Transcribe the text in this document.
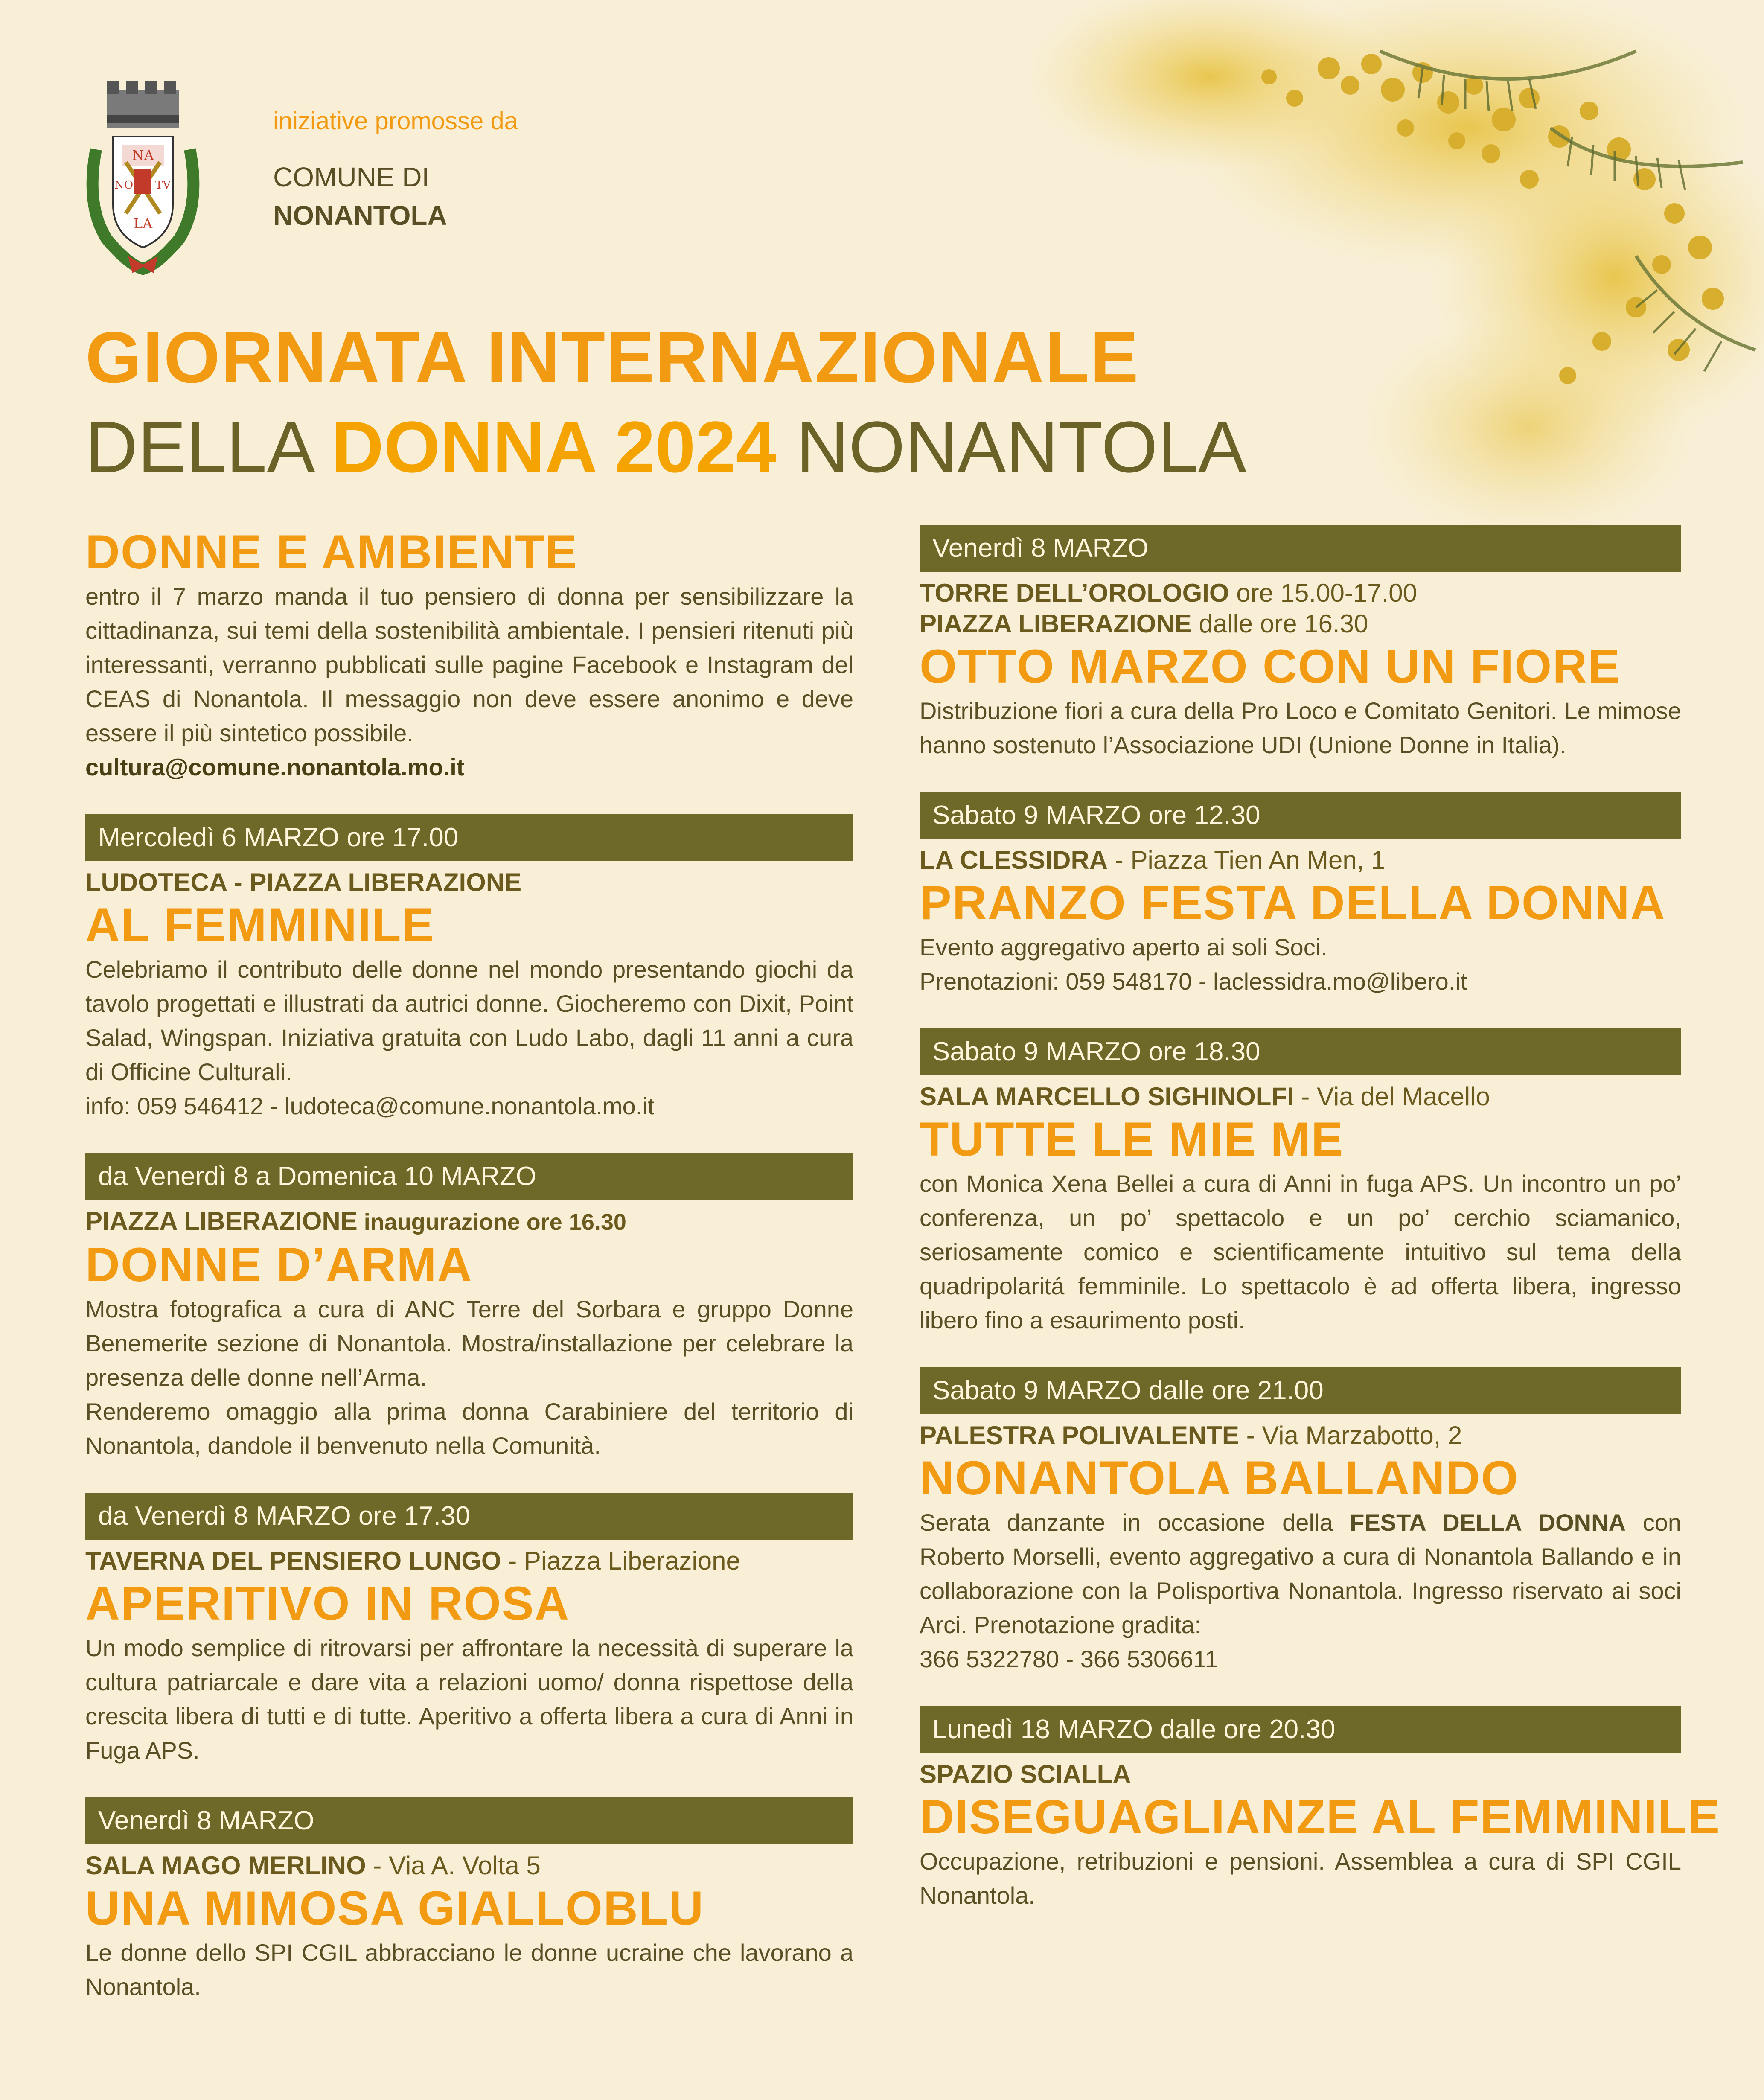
NA
NO TV
LA
iniziative promosse da
COMUNE DI
NONANTOLA
GIORNATA INTERNAZIONALE
DELLA DONNA 2024 NONANTOLA
DONNE E AMBIENTE
entro il 7 marzo manda il tuo pensiero di donna per sensibilizzare la cittadinanza, sui temi della sostenibilità ambientale. I pensieri ritenuti più interessanti, verranno pubblicati sulle pagine Facebook e Instagram del CEAS di Nonantola. Il messaggio non deve essere anonimo e deve essere il più sintetico possibile.
cultura@comune.nonantola.mo.it
Mercoledì 6 MARZO ore 17.00
LUDOTECA - PIAZZA LIBERAZIONE
AL FEMMINILE
Celebriamo il contributo delle donne nel mondo presentando giochi da tavolo progettati e illustrati da autrici donne. Giocheremo con Dixit, Point Salad, Wingspan. Iniziativa gratuita con Ludo Labo, dagli 11 anni a cura di Officine Culturali.
info: 059 546412 - ludoteca@comune.nonantola.mo.it
da Venerdì 8 a Domenica 10 MARZO
PIAZZA LIBERAZIONE inaugurazione ore 16.30
DONNE D’ARMA
Mostra fotografica a cura di ANC Terre del Sorbara e gruppo Donne Benemerite sezione di Nonantola. Mostra/installazione per celebrare la presenza delle donne nell’Arma.
Renderemo omaggio alla prima donna Carabiniere del territorio di Nonantola, dandole il benvenuto nella Comunità.
da Venerdì 8 MARZO ore 17.30
TAVERNA DEL PENSIERO LUNGO - Piazza Liberazione
APERITIVO IN ROSA
Un modo semplice di ritrovarsi per affrontare la necessità di superare la cultura patriarcale e dare vita a relazioni uomo/ donna rispettose della crescita libera di tutti e di tutte. Aperitivo a offerta libera a cura di Anni in Fuga APS.
Venerdì 8 MARZO
SALA MAGO MERLINO - Via A. Volta 5
UNA MIMOSA GIALLOBLU
Le donne dello SPI CGIL abbracciano le donne ucraine che lavorano a Nonantola.
Venerdì 8 MARZO
TORRE DELL’OROLOGIO ore 15.00-17.00
PIAZZA LIBERAZIONE dalle ore 16.30
OTTO MARZO CON UN FIORE
Distribuzione fiori a cura della Pro Loco e Comitato Genitori. Le mimose hanno sostenuto l’Associazione UDI (Unione Donne in Italia).
Sabato 9 MARZO ore 12.30
LA CLESSIDRA - Piazza Tien An Men, 1
PRANZO FESTA DELLA DONNA
Evento aggregativo aperto ai soli Soci.
Prenotazioni: 059 548170 - laclessidra.mo@libero.it
Sabato 9 MARZO ore 18.30
SALA MARCELLO SIGHINOLFI - Via del Macello
TUTTE LE MIE ME
con Monica Xena Bellei a cura di Anni in fuga APS. Un incontro un po’ conferenza, un po’ spettacolo e un po’ cerchio sciamanico, seriosamente comico e scientificamente intuitivo sul tema della quadripolaritá femminile. Lo spettacolo è ad offerta libera, ingresso libero fino a esaurimento posti.
Sabato 9 MARZO dalle ore 21.00
PALESTRA POLIVALENTE - Via Marzabotto, 2
NONANTOLA BALLANDO
Serata danzante in occasione della FESTA DELLA DONNA con Roberto Morselli, evento aggregativo a cura di Nonantola Ballando e in collaborazione con la Polisportiva Nonantola. Ingresso riservato ai soci Arci. Prenotazione gradita:
366 5322780 - 366 5306611
Lunedì 18 MARZO dalle ore 20.30
SPAZIO SCIALLA
DISEGUAGLIANZE AL FEMMINILE
Occupazione, retribuzioni e pensioni. Assemblea a cura di SPI CGIL Nonantola.
